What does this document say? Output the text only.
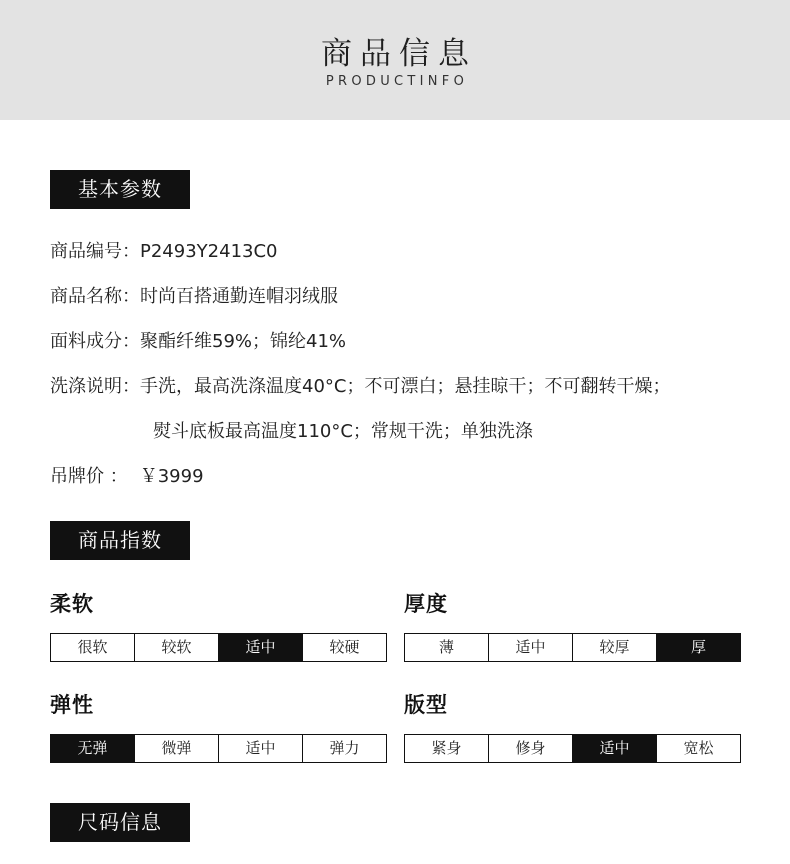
商品信息
PRODUCTINFO
基本参数
商品编号：P2493Y2413C0
商品名称：时尚百搭通勤连帽羽绒服
面料成分：聚酯纤维59%；锦纶41%
洗涤说明：手洗，最高洗涤温度40°C；不可漂白；悬挂晾干；不可翻转干燥；
熨斗底板最高温度110°C；常规干洗；单独洗涤
吊牌价 ： ￥3999
商品指数
柔软
很软	较软	适中	较硬
厚度
薄	适中	较厚	厚
弹性
无弹	微弹	适中	弹力
版型
紧身	修身	适中	宽松
尺码信息
